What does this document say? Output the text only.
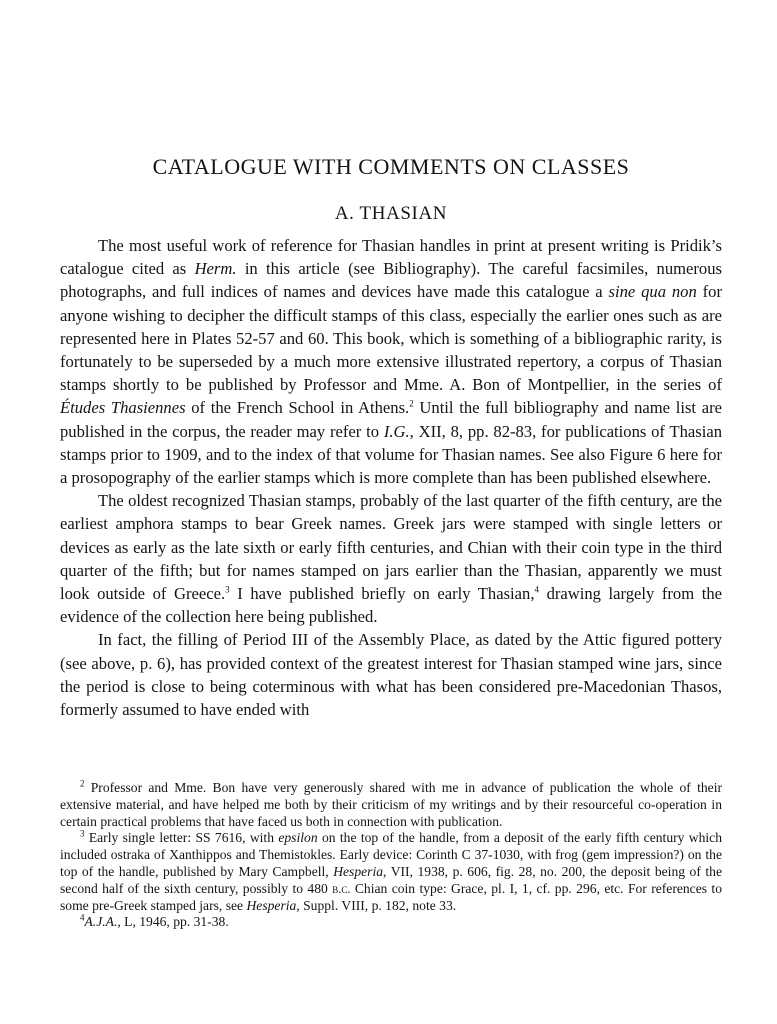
CATALOGUE WITH COMMENTS ON CLASSES
A. THASIAN

The most useful work of reference for Thasian handles in print at present writing is Pridik’s catalogue cited as Herm. in this article (see Bibliography). The careful facsimiles, numerous photographs, and full indices of names and devices have made this catalogue a sine qua non for anyone wishing to decipher the difficult stamps of this class, especially the earlier ones such as are represented here in Plates 52-57 and 60. This book, which is something of a bibliographic rarity, is fortunately to be superseded by a much more extensive illustrated repertory, a corpus of Thasian stamps shortly to be published by Professor and Mme. A. Bon of Montpellier, in the series of Études Thasiennes of the French School in Athens.$^2$ Until the full bibliography and name list are published in the corpus, the reader may refer to I.G., XII, 8, pp. 82-83, for publications of Thasian stamps prior to 1909, and to the index of that volume for Thasian names. See also Figure 6 here for a prosopography of the earlier stamps which is more complete than has been published elsewhere.

The oldest recognized Thasian stamps, probably of the last quarter of the fifth century, are the earliest amphora stamps to bear Greek names. Greek jars were stamped with single letters or devices as early as the late sixth or early fifth centuries, and Chian with their coin type in the third quarter of the fifth; but for names stamped on jars earlier than the Thasian, apparently we must look outside of Greece.$^3$ I have published briefly on early Thasian,$^4$ drawing largely from the evidence of the collection here being published.

In fact, the filling of Period III of the Assembly Place, as dated by the Attic figured pottery (see above, p. 6), has provided context of the greatest interest for Thasian stamped wine jars, since the period is close to being coterminous with what has been considered pre-Macedonian Thasos, formerly assumed to have ended with

$^2$ Professor and Mme. Bon have very generously shared with me in advance of publication the whole of their extensive material, and have helped me both by their criticism of my writings and by their resourceful co-operation in certain practical problems that have faced us both in connection with publication.

$^3$ Early single letter: SS 7616, with epsilon on the top of the handle, from a deposit of the early fifth century which included ostraka of Xanthippos and Themistokles. Early device: Corinth C 37-1030, with frog (gem impression?) on the top of the handle, published by Mary Campbell, Hesperia, VII, 1938, p. 606, fig. 28, no. 200, the deposit being of the second half of the sixth century, possibly to 480 b.c. Chian coin type: Grace, pl. I, 1, cf. pp. 296, etc. For references to some pre-Greek stamped jars, see Hesperia, Suppl. VIII, p. 182, note 33.

$^4$A.J.A., L, 1946, pp. 31-38.
